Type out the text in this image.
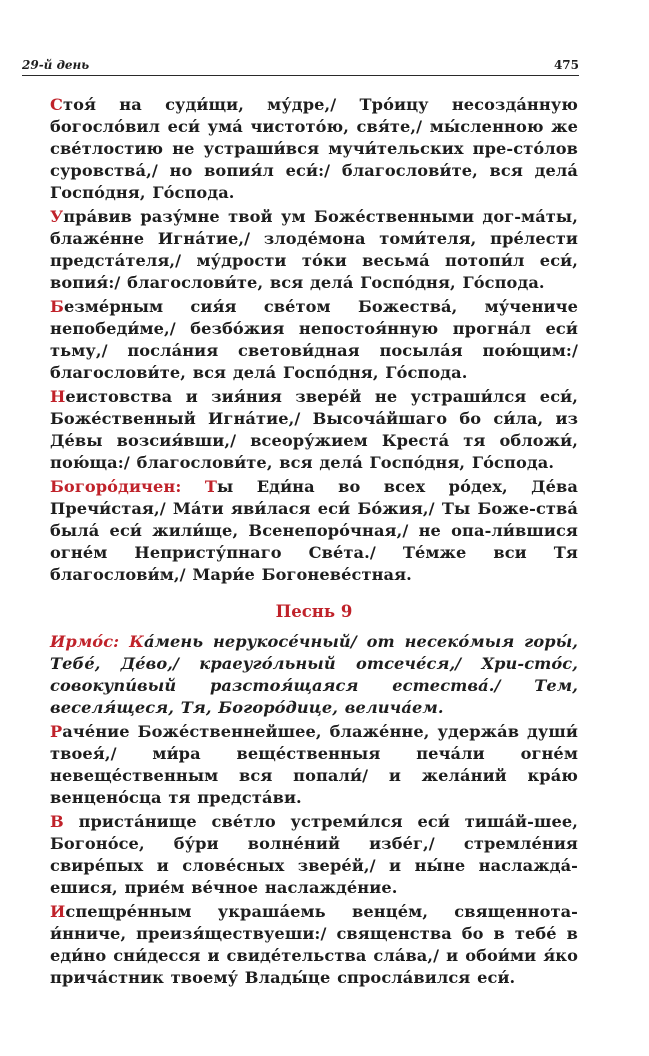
29-й день	475

Стоя́ на суди́щи, му́дре,/ Тро́ицу несозда́нную богосло́вил еси́ ума́ чистото́ю, свя́те,/ мы́сленною же све́тлостию не устраши́вся мучи́тельских пре-сто́лов суровства́,/ но вопия́л еси́:/ благослови́те, вся дела́ Госпо́дня, Го́спода.

Упра́вив разу́мне твой ум Боже́ственными дог-ма́ты, блаже́нне Игна́тие,/ злоде́мона томи́теля, пре́лести предста́теля,/ му́дрости то́ки весьма́ потопи́л еси́, вопия́:/ благослови́те, вся дела́ Госпо́дня, Го́спода.

Безме́рным сия́я све́том Божества́, му́чениче непобеди́ме,/ безбо́жия непостоя́нную прогна́л еси́ тьму,/ посла́ния светови́дная посыла́я пою́щим:/ благослови́те, вся дела́ Госпо́дня, Го́спода.

Неистовства и зия́ния звере́й не устраши́лся еси́, Боже́ственный Игна́тие,/ Высоча́йшаго бо си́ла, из Де́вы возсия́вши,/ всеору́жием Креста́ тя обложи́, пою́ща:/ благослови́те, вся дела́ Госпо́дня, Го́спода.

Богоро́дичен: Ты Еди́на во всех ро́дех, Де́ва Пречи́стая,/ Ма́ти яви́лася еси́ Бо́жия,/ Ты Боже-ства́ была́ еси́ жили́ще, Всенепоро́чная,/ не опа-ли́вшися огне́м Непристу́пнаго Све́та./ Те́мже вси Тя благослови́м,/ Мари́е Богоневе́стная.

Песнь 9

Ирмо́с: Ка́мень нерукосе́чный/ от несеко́мыя горы́, Тебе́, Де́во,/ краеуго́льный отсече́ся,/ Хри-сто́с, совокупи́вый разстоя́щаяся естества́./ Тем, веселя́щеся, Тя, Богоро́дице, велича́ем.

Раче́ние Боже́ственнейшее, блаже́нне, удержа́в души́ твоея́,/ ми́ра веще́ственныя печа́ли огне́м невеще́ственным вся попали́/ и жела́ний кра́ю венцено́сца тя предста́ви.

В приста́нище све́тло устреми́лся еси́ тиша́й-шее, Богоно́се, бу́ри волне́ний избе́г,/ стремле́ния свире́пых и слове́сных звере́й,/ и ны́не наслажда́-ешися, прие́м ве́чное наслажде́ние.

Испещре́нным украша́емь венце́м, священнота-и́нниче, преизя́ществуеши:/ священства бо в тебе́ в еди́но сни́десся и свиде́тельства сла́ва,/ и обои́ми я́ко прича́стник твоему́ Влады́це спросла́вился еси́.
